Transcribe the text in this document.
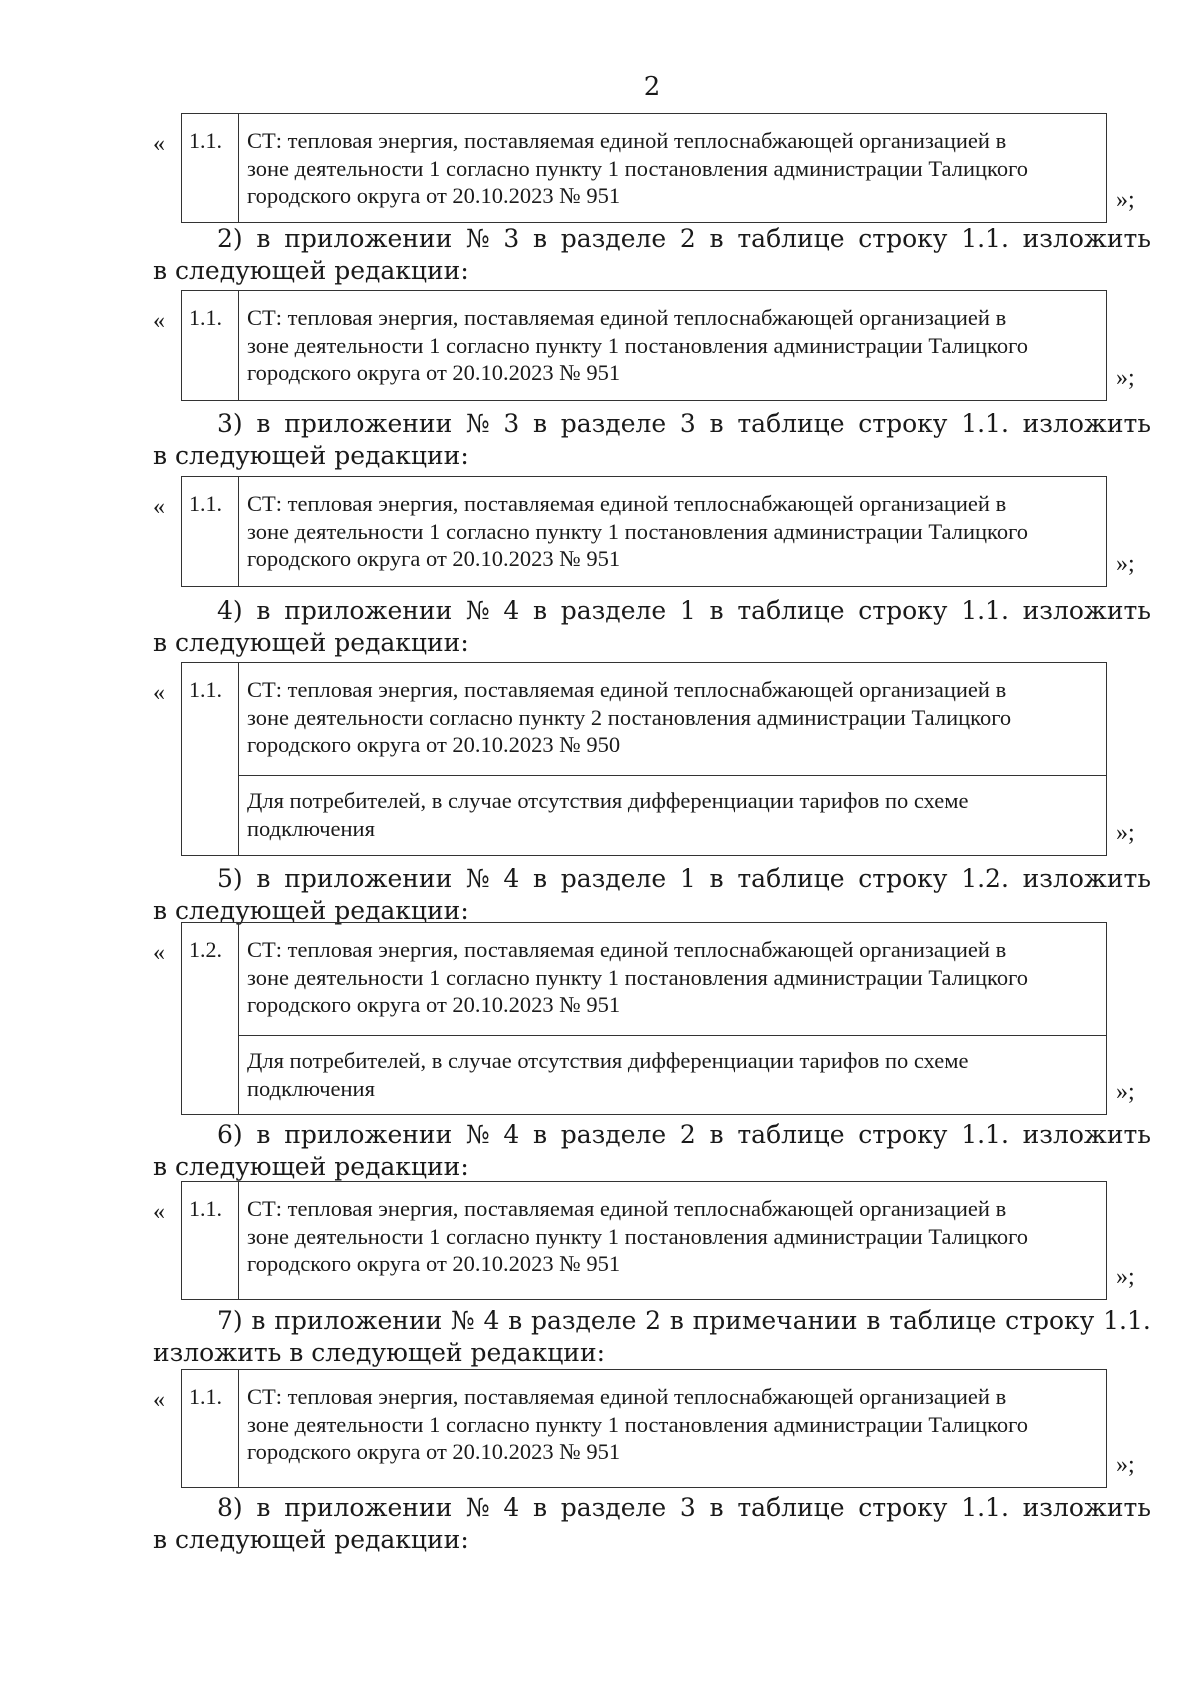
2
«	1.1.	СТ: тепловая энергия, поставляемая единой теплоснабжающей организацией в
зоне деятельности 1 согласно пункту 1 постановления администрации Талицкого
городского округа от 20.10.2023 № 951	»;
2) в приложении № 3 в разделе 2 в таблице строку 1.1. изложить
в следующей редакции:
«	1.1.	СТ: тепловая энергия, поставляемая единой теплоснабжающей организацией в
зоне деятельности 1 согласно пункту 1 постановления администрации Талицкого
городского округа от 20.10.2023 № 951	»;
3) в приложении № 3 в разделе 3 в таблице строку 1.1. изложить
в следующей редакции:
«	1.1.	СТ: тепловая энергия, поставляемая единой теплоснабжающей организацией в
зоне деятельности 1 согласно пункту 1 постановления администрации Талицкого
городского округа от 20.10.2023 № 951	»;
4) в приложении № 4 в разделе 1 в таблице строку 1.1. изложить
в следующей редакции:
«	1.1.	СТ: тепловая энергия, поставляемая единой теплоснабжающей организацией в
зоне деятельности согласно пункту 2 постановления администрации Талицкого
городского округа от 20.10.2023 № 950
Для потребителей, в случае отсутствия дифференциации тарифов по схеме
подключения	»;
5) в приложении № 4 в разделе 1 в таблице строку 1.2. изложить
в следующей редакции:
«	1.2.	СТ: тепловая энергия, поставляемая единой теплоснабжающей организацией в
зоне деятельности 1 согласно пункту 1 постановления администрации Талицкого
городского округа от 20.10.2023 № 951
Для потребителей, в случае отсутствия дифференциации тарифов по схеме
подключения	»;
6) в приложении № 4 в разделе 2 в таблице строку 1.1. изложить
в следующей редакции:
«	1.1.	СТ: тепловая энергия, поставляемая единой теплоснабжающей организацией в
зоне деятельности 1 согласно пункту 1 постановления администрации Талицкого
городского округа от 20.10.2023 № 951
»;
7) в приложении № 4 в разделе 2 в примечании в таблице строку 1.1.
изложить в следующей редакции:
«	1.1.	СТ: тепловая энергия, поставляемая единой теплоснабжающей организацией в
зоне деятельности 1 согласно пункту 1 постановления администрации Талицкого
городского округа от 20.10.2023 № 951
»;
8) в приложении № 4 в разделе 3 в таблице строку 1.1. изложить
в следующей редакции:
